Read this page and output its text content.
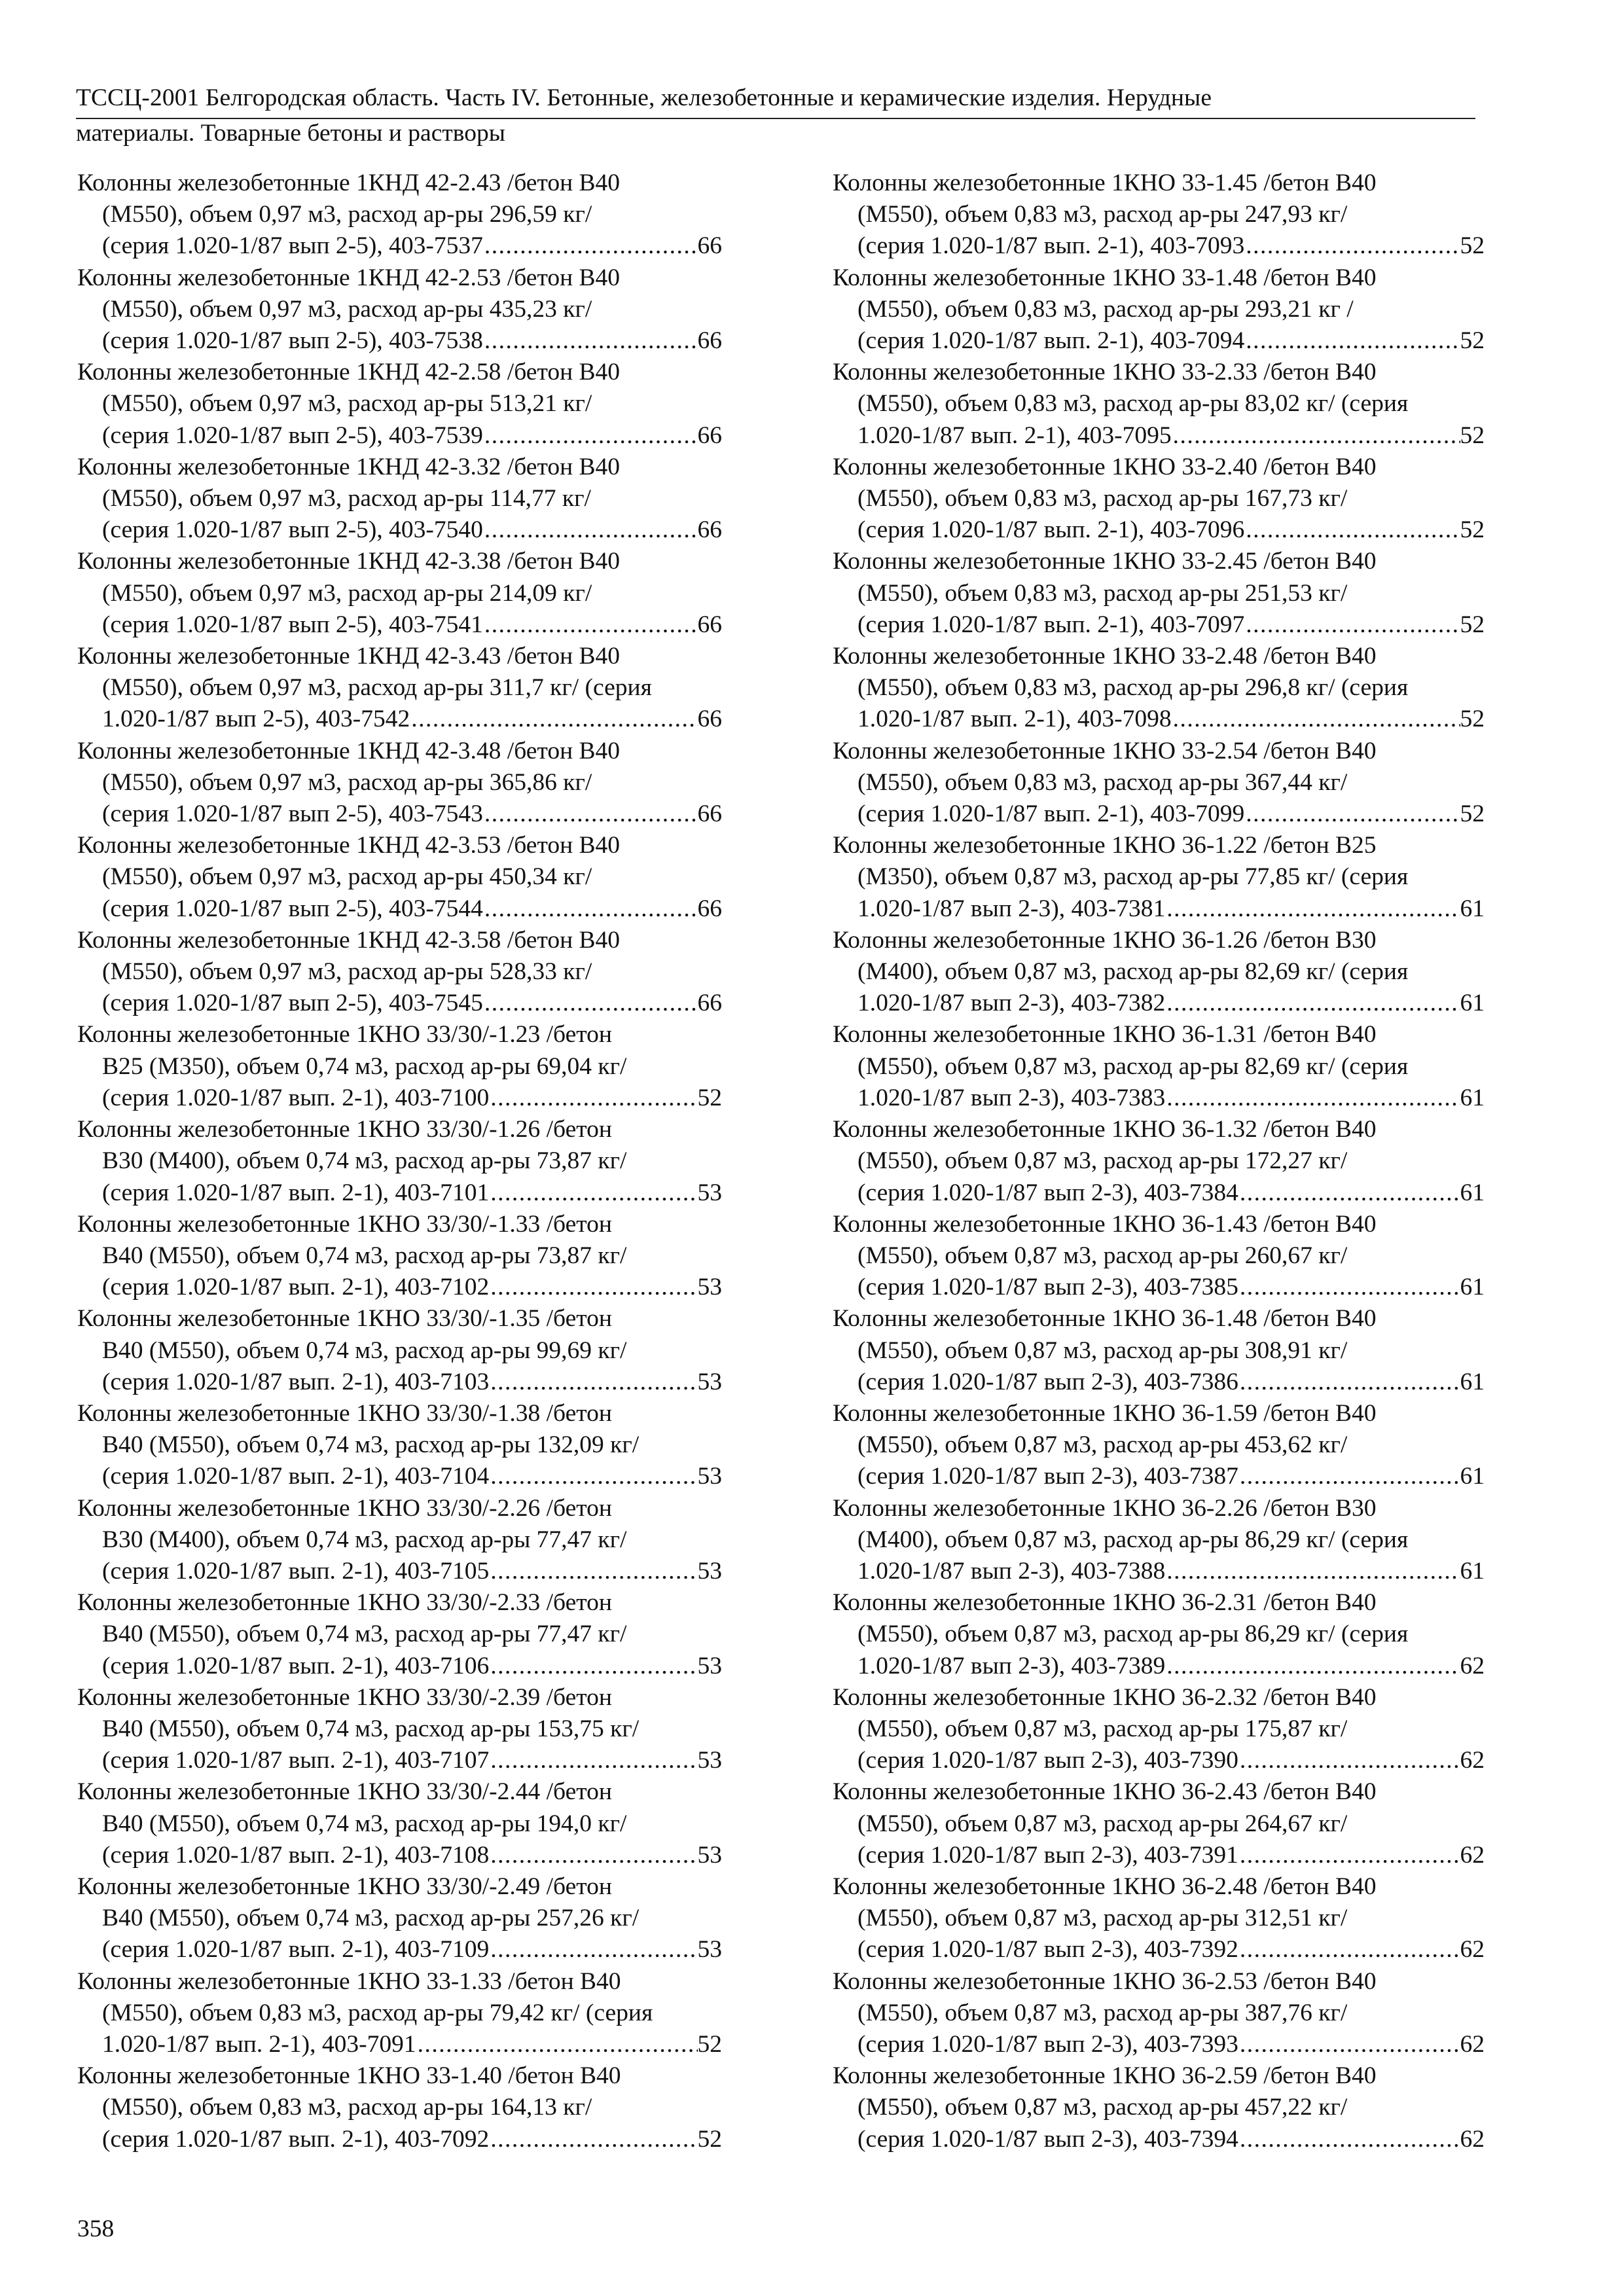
ТССЦ-2001 Белгородская область. Часть IV. Бетонные, железобетонные и керамические изделия. Нерудные
материалы. Товарные бетоны и растворы
Колонны железобетонные 1КНД 42-2.43 /бетон В40
(М550), объем 0,97 м3, расход ар-ры 296,59 кг/
(серия 1.020-1/87 вып 2-5), 403-7537 .....	66
Колонны железобетонные 1КНД 42-2.53 /бетон В40
(М550), объем 0,97 м3, расход ар-ры 435,23 кг/
(серия 1.020-1/87 вып 2-5), 403-7538 .....	66
Колонны железобетонные 1КНД 42-2.58 /бетон В40
(М550), объем 0,97 м3, расход ар-ры 513,21 кг/
(серия 1.020-1/87 вып 2-5), 403-7539 .....	66
Колонны железобетонные 1КНД 42-3.32 /бетон В40
(М550), объем 0,97 м3, расход ар-ры 114,77 кг/
(серия 1.020-1/87 вып 2-5), 403-7540 .....	66
Колонны железобетонные 1КНД 42-3.38 /бетон В40
(М550), объем 0,97 м3, расход ар-ры 214,09 кг/
(серия 1.020-1/87 вып 2-5), 403-7541 .....	66
Колонны железобетонные 1КНД 42-3.43 /бетон В40
(М550), объем 0,97 м3, расход ар-ры 311,7 кг/ (серия
1.020-1/87 вып 2-5), 403-7542 .....	66
Колонны железобетонные 1КНД 42-3.48 /бетон В40
(М550), объем 0,97 м3, расход ар-ры 365,86 кг/
(серия 1.020-1/87 вып 2-5), 403-7543 .....	66
Колонны железобетонные 1КНД 42-3.53 /бетон В40
(М550), объем 0,97 м3, расход ар-ры 450,34 кг/
(серия 1.020-1/87 вып 2-5), 403-7544 .....	66
Колонны железобетонные 1КНД 42-3.58 /бетон В40
(М550), объем 0,97 м3, расход ар-ры 528,33 кг/
(серия 1.020-1/87 вып 2-5), 403-7545 .....	66
Колонны железобетонные 1КНО 33/30/-1.23 /бетон
В25 (М350), объем 0,74 м3, расход ар-ры 69,04 кг/
(серия 1.020-1/87 вып. 2-1), 403-7100 .....	52
Колонны железобетонные 1КНО 33/30/-1.26 /бетон
В30 (М400), объем 0,74 м3, расход ар-ры 73,87 кг/
(серия 1.020-1/87 вып. 2-1), 403-7101 .....	53
Колонны железобетонные 1КНО 33/30/-1.33 /бетон
В40 (М550), объем 0,74 м3, расход ар-ры 73,87 кг/
(серия 1.020-1/87 вып. 2-1), 403-7102 .....	53
Колонны железобетонные 1КНО 33/30/-1.35 /бетон
В40 (М550), объем 0,74 м3, расход ар-ры 99,69 кг/
(серия 1.020-1/87 вып. 2-1), 403-7103 .....	53
Колонны железобетонные 1КНО 33/30/-1.38 /бетон
В40 (М550), объем 0,74 м3, расход ар-ры 132,09 кг/
(серия 1.020-1/87 вып. 2-1), 403-7104 .....	53
Колонны железобетонные 1КНО 33/30/-2.26 /бетон
В30 (М400), объем 0,74 м3, расход ар-ры 77,47 кг/
(серия 1.020-1/87 вып. 2-1), 403-7105 .....	53
Колонны железобетонные 1КНО 33/30/-2.33 /бетон
В40 (М550), объем 0,74 м3, расход ар-ры 77,47 кг/
(серия 1.020-1/87 вып. 2-1), 403-7106 .....	53
Колонны железобетонные 1КНО 33/30/-2.39 /бетон
В40 (М550), объем 0,74 м3, расход ар-ры 153,75 кг/
(серия 1.020-1/87 вып. 2-1), 403-7107 .....	53
Колонны железобетонные 1КНО 33/30/-2.44 /бетон
В40 (М550), объем 0,74 м3, расход ар-ры 194,0 кг/
(серия 1.020-1/87 вып. 2-1), 403-7108 .....	53
Колонны железобетонные 1КНО 33/30/-2.49 /бетон
В40 (М550), объем 0,74 м3, расход ар-ры 257,26 кг/
(серия 1.020-1/87 вып. 2-1), 403-7109 .....	53
Колонны железобетонные 1КНО 33-1.33 /бетон В40
(М550), объем 0,83 м3, расход ар-ры 79,42 кг/ (серия
1.020-1/87 вып. 2-1), 403-7091 .....	52
Колонны железобетонные 1КНО 33-1.40 /бетон В40
(М550), объем 0,83 м3, расход ар-ры 164,13 кг/
(серия 1.020-1/87 вып. 2-1), 403-7092 .....	52
Колонны железобетонные 1КНО 33-1.45 /бетон В40
(М550), объем 0,83 м3, расход ар-ры 247,93 кг/
(серия 1.020-1/87 вып. 2-1), 403-7093 .....	52
Колонны железобетонные 1КНО 33-1.48 /бетон В40
(М550), объем 0,83 м3, расход ар-ры 293,21 кг /
(серия 1.020-1/87 вып. 2-1), 403-7094 .....	52
Колонны железобетонные 1КНО 33-2.33 /бетон В40
(М550), объем 0,83 м3, расход ар-ры 83,02 кг/ (серия
1.020-1/87 вып. 2-1), 403-7095 .....	52
Колонны железобетонные 1КНО 33-2.40 /бетон В40
(М550), объем 0,83 м3, расход ар-ры 167,73 кг/
(серия 1.020-1/87 вып. 2-1), 403-7096 .....	52
Колонны железобетонные 1КНО 33-2.45 /бетон В40
(М550), объем 0,83 м3, расход ар-ры 251,53 кг/
(серия 1.020-1/87 вып. 2-1), 403-7097 .....	52
Колонны железобетонные 1КНО 33-2.48 /бетон В40
(М550), объем 0,83 м3, расход ар-ры 296,8 кг/ (серия
1.020-1/87 вып. 2-1), 403-7098 .....	52
Колонны железобетонные 1КНО 33-2.54 /бетон В40
(М550), объем 0,83 м3, расход ар-ры 367,44 кг/
(серия 1.020-1/87 вып. 2-1), 403-7099 .....	52
Колонны железобетонные 1КНО 36-1.22 /бетон В25
(М350), объем 0,87 м3, расход ар-ры 77,85 кг/ (серия
1.020-1/87 вып 2-3), 403-7381 .....	61
Колонны железобетонные 1КНО 36-1.26 /бетон В30
(М400), объем 0,87 м3, расход ар-ры 82,69 кг/ (серия
1.020-1/87 вып 2-3), 403-7382 .....	61
Колонны железобетонные 1КНО 36-1.31 /бетон В40
(М550), объем 0,87 м3, расход ар-ры 82,69 кг/ (серия
1.020-1/87 вып 2-3), 403-7383 .....	61
Колонны железобетонные 1КНО 36-1.32 /бетон В40
(М550), объем 0,87 м3, расход ар-ры 172,27 кг/
(серия 1.020-1/87 вып 2-3), 403-7384 .....	61
Колонны железобетонные 1КНО 36-1.43 /бетон В40
(М550), объем 0,87 м3, расход ар-ры 260,67 кг/
(серия 1.020-1/87 вып 2-3), 403-7385 .....	61
Колонны железобетонные 1КНО 36-1.48 /бетон В40
(М550), объем 0,87 м3, расход ар-ры 308,91 кг/
(серия 1.020-1/87 вып 2-3), 403-7386 .....	61
Колонны железобетонные 1КНО 36-1.59 /бетон В40
(М550), объем 0,87 м3, расход ар-ры 453,62 кг/
(серия 1.020-1/87 вып 2-3), 403-7387 .....	61
Колонны железобетонные 1КНО 36-2.26 /бетон В30
(М400), объем 0,87 м3, расход ар-ры 86,29 кг/ (серия
1.020-1/87 вып 2-3), 403-7388 .....	61
Колонны железобетонные 1КНО 36-2.31 /бетон В40
(М550), объем 0,87 м3, расход ар-ры 86,29 кг/ (серия
1.020-1/87 вып 2-3), 403-7389 .....	62
Колонны железобетонные 1КНО 36-2.32 /бетон В40
(М550), объем 0,87 м3, расход ар-ры 175,87 кг/
(серия 1.020-1/87 вып 2-3), 403-7390 .....	62
Колонны железобетонные 1КНО 36-2.43 /бетон В40
(М550), объем 0,87 м3, расход ар-ры 264,67 кг/
(серия 1.020-1/87 вып 2-3), 403-7391 .....	62
Колонны железобетонные 1КНО 36-2.48 /бетон В40
(М550), объем 0,87 м3, расход ар-ры 312,51 кг/
(серия 1.020-1/87 вып 2-3), 403-7392 .....	62
Колонны железобетонные 1КНО 36-2.53 /бетон В40
(М550), объем 0,87 м3, расход ар-ры 387,76 кг/
(серия 1.020-1/87 вып 2-3), 403-7393 .....	62
Колонны железобетонные 1КНО 36-2.59 /бетон В40
(М550), объем 0,87 м3, расход ар-ры 457,22 кг/
(серия 1.020-1/87 вып 2-3), 403-7394 .....	62
358
